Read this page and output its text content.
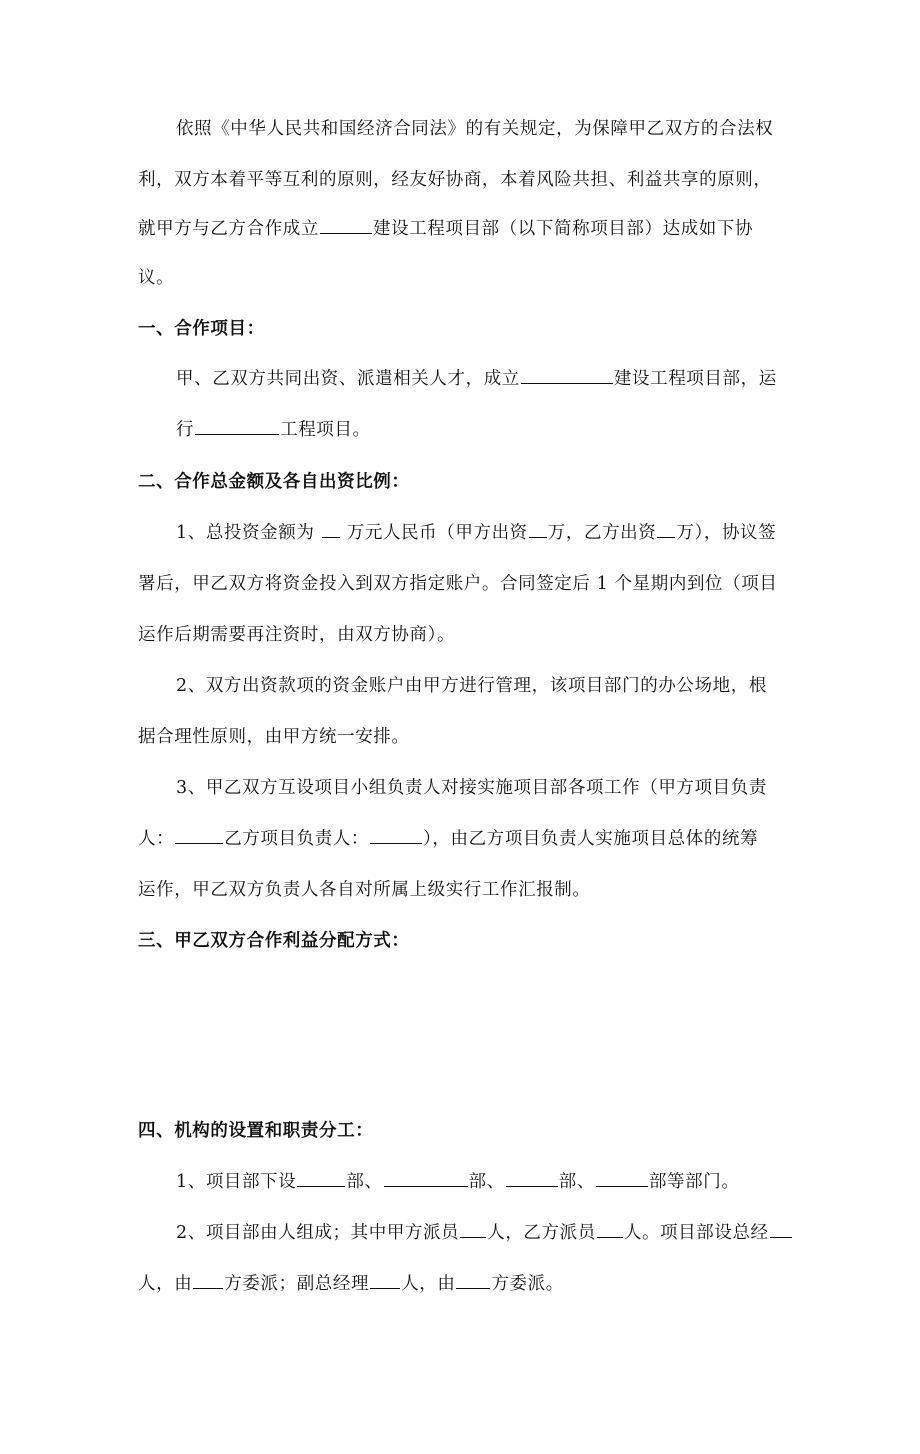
依照《中华人民共和国经济合同法》的有关规定，为保障甲乙双方的合法权
利，双方本着平等互利的原则，经友好协商，本着风险共担、利益共享的原则，
就甲方与乙方合作成立	建设工程项目部（以下简称项目部）达成如下协
议。
一、合作项目：
甲、乙双方共同出资、派遣相关人才，成立	建设工程项目部，运
行	工程项目。
二、合作总金额及各自出资比例：
1、总投资金额为 万元人民币（甲方出资 万，乙方出资 万），协议签
署后，甲乙双方将资金投入到双方指定账户。合同签定后 1 个星期内到位（项目
运作后期需要再注资时，由双方协商）。
2、双方出资款项的资金账户由甲方进行管理，该项目部门的办公场地，根
据合理性原则，由甲方统一安排。
3、甲乙双方互设项目小组负责人对接实施项目部各项工作（甲方项目负责
人：	乙方项目负责人：	），由乙方项目负责人实施项目总体的统筹
运作，甲乙双方负责人各自对所属上级实行工作汇报制。
三、甲乙双方合作利益分配方式：
四、机构的设置和职责分工：
1、项目部下设	部、	部、	部、	部等部门。
2、项目部由人组成；其中甲方派员 人，乙方派员 人。项目部设总经
人，由 方委派；副总经理 人，由 方委派。
